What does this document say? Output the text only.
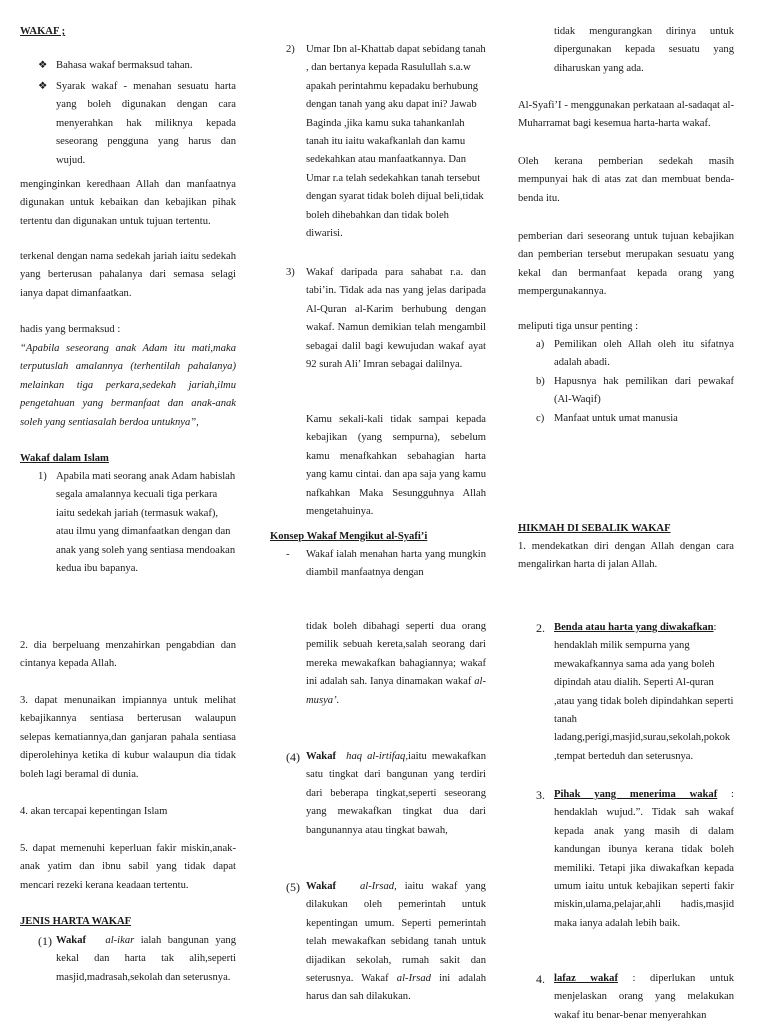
WAKAF ;
❖ Bahasa wakaf bermaksud tahan.

❖ Syarak wakaf - menahan sesuatu harta yang boleh digunakan dengan cara menyerahkan hak miliknya kepada seseorang pengguna yang harus dan wujud.

menginginkan keredhaan Allah dan manfaatnya digunakan untuk kebaikan dan kebajikan pihak tertentu dan digunakan untuk tujuan tertentu.

terkenal dengan nama sedekah jariah iaitu sedekah yang berterusan pahalanya dari semasa selagi ianya dapat dimanfaatkan.

hadis yang bermaksud :

“Apabila seseorang anak Adam itu mati,maka terputuslah amalannya (terhentilah pahalanya) melainkan tiga perkara,sedekah jariah,ilmu pengetahuan yang bermanfaat dan anak-anak soleh yang sentiasalah berdoa untuknya”,

Wakaf dalam Islam
1) Apabila mati seorang anak Adam habislah segala amalannya kecuali tiga perkara iaitu sedekah jariah (termasuk wakaf), atau ilmu yang dimanfaatkan dengan dan anak yang soleh yang sentiasa mendoakan kedua ibu bapanya.

2. dia berpeluang menzahirkan pengabdian dan cintanya kepada Allah.

3. dapat menunaikan impiannya untuk melihat kebajikannya sentiasa berterusan walaupun selepas kematiannya,dan ganjaran pahala sentiasa diperolehinya ketika di kubur walaupun dia tidak boleh lagi beramal di dunia.

4. akan tercapai kepentingan Islam

5. dapat memenuhi keperluan fakir miskin,anak-anak yatim dan ibnu sabil yang tidak dapat mencari rezeki kerana keadaan tertentu.

JENIS HARTA WAKAF
(1) Wakaf al-ikar ialah bangunan yang kekal dan harta tak alih,seperti masjid,madrasah,sekolah dan seterusnya.

2)	Umar Ibn al-Khattab dapat sebidang tanah , dan bertanya kepada Rasulullah s.a.w apakah perintahmu kepadaku berhubung dengan tanah yang aku dapat ini? Jawab Baginda ,jika kamu suka tahankanlah tanah itu iaitu wakafkanlah dan kamu sedekahkan atau manfaatkannya. Dan Umar r.a telah sedekahkan tanah tersebut dengan syarat tidak boleh dijual beli,tidak boleh dihebahkan dan tidak boleh diwarisi.

3)	Wakaf daripada para sahabat r.a. dan tabi’in. Tidak ada nas yang jelas daripada Al-Quran al-Karim berhubung dengan wakaf. Namun demikian telah mengambil sebagai dalil bagi kewujudan wakaf ayat 92 surah Ali’ Imran sebagai dalilnya.

Kamu sekali-kali tidak sampai kepada kebajikan (yang sempurna), sebelum kamu menafkahkan sebahagian harta yang kamu cintai. dan apa saja yang kamu nafkahkan Maka Sesungguhnya Allah mengetahuinya.

Konsep Wakaf Mengikut al-Syafi’i
-	Wakaf ialah menahan harta yang mungkin diambil manfaatnya dengan

tidak boleh dibahagi seperti dua orang pemilik sebuah kereta,salah seorang dari mereka mewakafkan bahagiannya; wakaf ini adalah sah. Ianya dinamakan wakaf al-musya’.

(4) Wakaf haq al-irtifaq,iaitu mewakafkan satu tingkat dari bangunan yang terdiri dari beberapa tingkat,seperti seseorang yang mewakafkan tingkat dua dari bangunannya atau tingkat bawah,

(5) Wakaf al-Irsad, iaitu wakaf yang dilakukan oleh pemerintah untuk kepentingan umum. Seperti pemerintah telah mewakafkan sebidang tanah untuk dijadikan sekolah, rumah sakit dan seterusnya. Wakaf al-Irsad ini adalah harus dan sah dilakukan.

tidak mengurangkan dirinya untuk dipergunakan kepada sesuatu yang diharuskan yang ada.

Al-Syafi’I - menggunakan perkataan al-sadaqat al-Muharramat bagi kesemua harta-harta wakaf.

Oleh kerana pemberian sedekah masih mempunyai hak di atas zat dan membuat benda-benda itu.

pemberian dari seseorang untuk tujuan kebajikan dan pemberian tersebut merupakan sesuatu yang kekal dan bermanfaat kepada orang yang mempergunakannya.

meliputi tiga unsur penting :

a) Pemilikan oleh Allah oleh itu sifatnya adalah abadi.

b) Hapusnya hak pemilikan dari pewakaf (Al-Waqif)

c) Manfaat untuk umat manusia

HIKMAH DI SEBALIK WAKAF

1. mendekatkan diri dengan Allah dengan cara mengalirkan harta di jalan Allah.

2. Benda atau harta yang diwakafkan: hendaklah milik sempurna yang mewakafkannya sama ada yang boleh dipindah atau dialih. Seperti Al-quran ,atau yang tidak boleh dipindahkan seperti tanah ladang,perigi,masjid,surau,sekolah,pokok ,tempat berteduh dan seterusnya.

3. Pihak yang menerima wakaf : hendaklah wujud.”. Tidak sah wakaf kepada anak yang masih di dalam kandungan ibunya kerana tidak boleh memiliki. Tetapi jika diwakafkan kepada umum iaitu untuk kebajikan seperti fakir miskin,ulama,pelajar,ahli hadis,masjid maka ianya adalah lebih baik.

4. lafaz wakaf : diperlukan untuk menjelaskan orang yang melakukan wakaf itu benar-benar menyerahkan
